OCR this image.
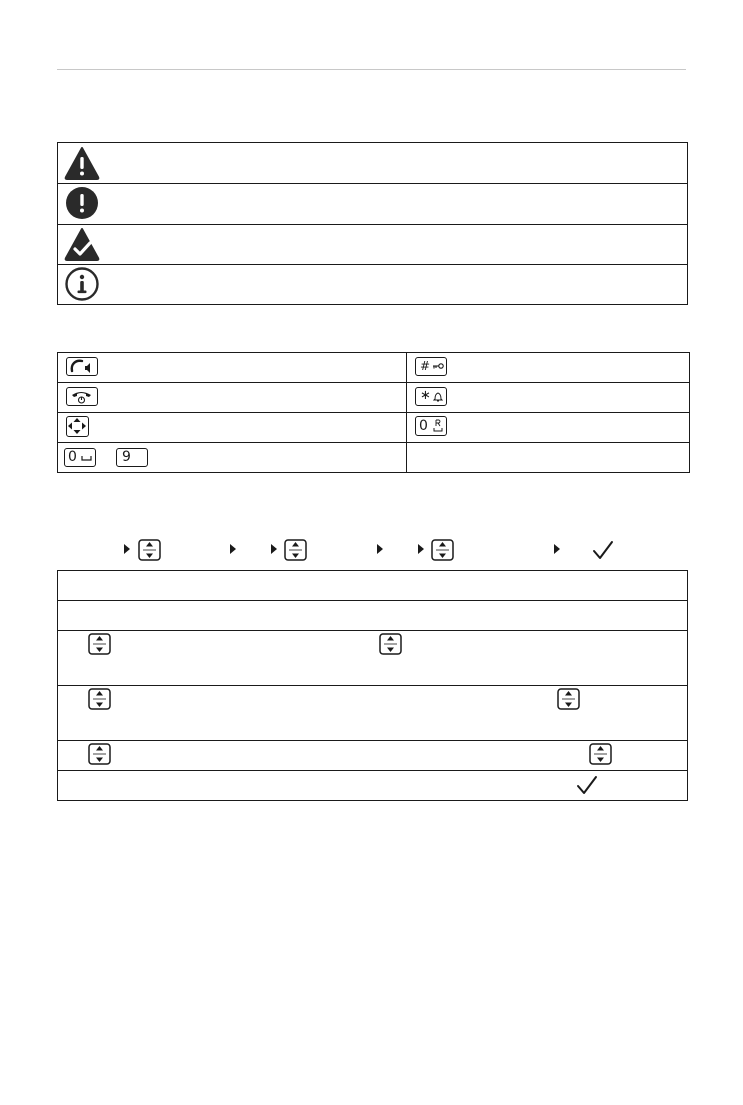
0	9
#
∗
0
